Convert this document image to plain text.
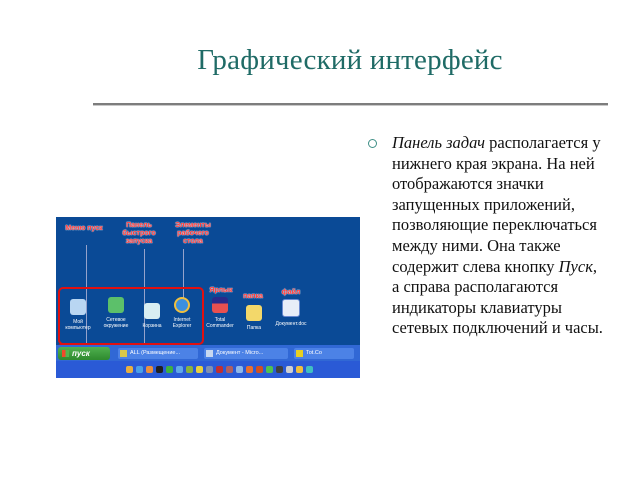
Графический интерфейс
Меню пуск	Панель быстрого запуска
Элементы рабочего стола
Ярлык
папка
файл
Мой компьютер
Сетевое окружение	Корзина
Internet Explorer
Total Commander	Папка
Документ.doc
пуск	ALL (Размещение...	Документ - Micro...	Tot.Co
Панель задач располагается у нижнего края экрана. На ней отображаются значки запущенных приложений, позволяющие переключаться между ними. Она также содержит слева кнопку Пуск, а справа располагаются индикаторы клавиатуры сетевых подключений и часы.
